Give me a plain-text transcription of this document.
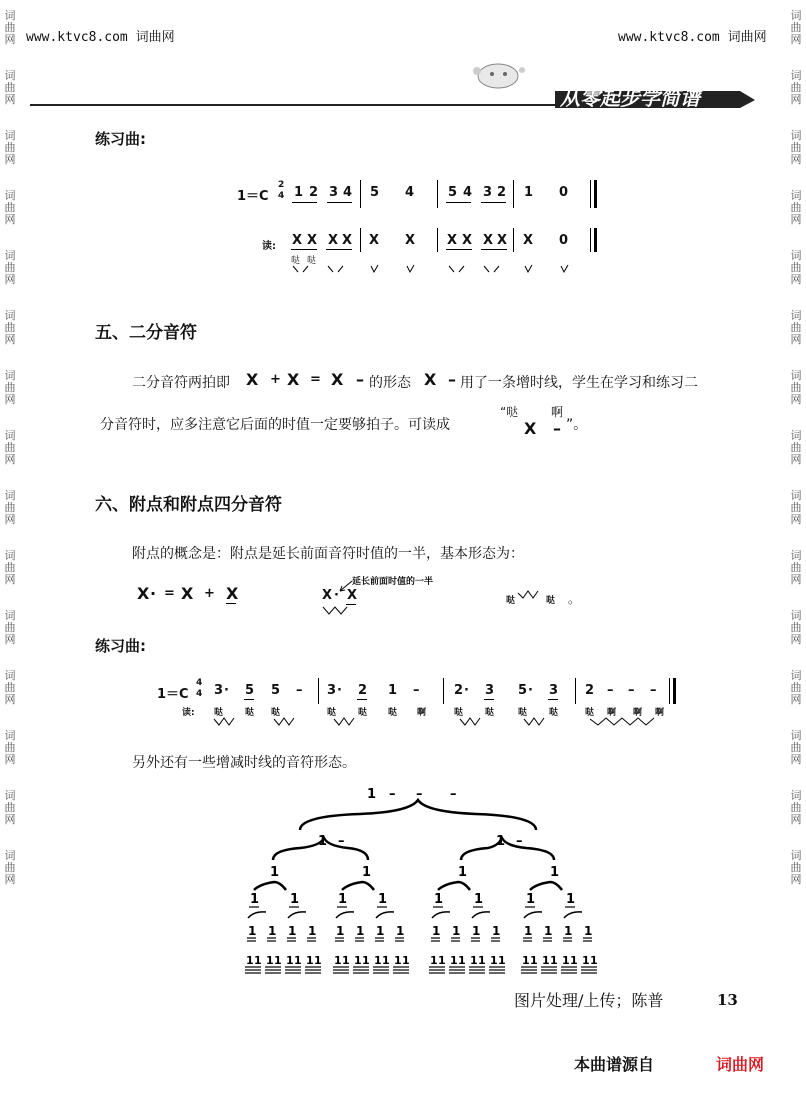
词
曲
网
词
曲
网
词
曲
网
词
曲
网
词
曲
网
词
曲
网
词
曲
网
词
曲
网
词
曲
网
词
曲
网
词
曲
网
词
曲
网
词
曲
网
词
曲
网
词
曲
网
词
曲
网
词
曲
网
词
曲
网
词
曲
网
词
曲
网
词
曲
网
词
曲
网
词
曲
网
词
曲
网
词
曲
网
词
曲
网
词
曲
网
词
曲
网
词
曲
网
词
曲
网
www.ktvc8.com 词曲网	www.ktvc8.com 词曲网
从零起步学简谱
练习曲:
1＝C
2
4 1 2 3 4 5 4	5 4 3 2 1 0
读: X X X X X X X X X X X 0
哒 哒
五、二分音符
二分音符两拍即 X + X = X – 的形态 X – 用了一条增时线，学生在学习和练习二
分音符时，应多注意它后面的时值一定要够拍子。可读成
“哒	啊
X – ”。
六、附点和附点四分音符
附点的概念是：附点是延长前面音符时值的一半，基本形态为：
X · = X + X	X · X
延长前面时值的一半
哒	哒 。
练习曲:
1＝C
4
4 3 · 5 5 – 3 · 2 1 –	2 · 3 5 · 3 2 – – –
读: 哒 哒 哒	哒 哒 哒 啊	哒 哒	哒 哒	哒 啊 啊 啊
另外还有一些增减时线的音符形态。
1 – – –
1 –	1 –
1	1	1	1
1 1	1 1	1 1	1 1
1 1 1 1 1 1 1 1 1 1 1 1 1 1 1 1
1 1 1 1 1 1 1 1 1 1 1 1 1 1 1 1 1 1 1 1 1 1 1 1 1 1 1 1 1 1 1 1
图片处理/上传；陈普	13
本曲谱源自	词曲网
